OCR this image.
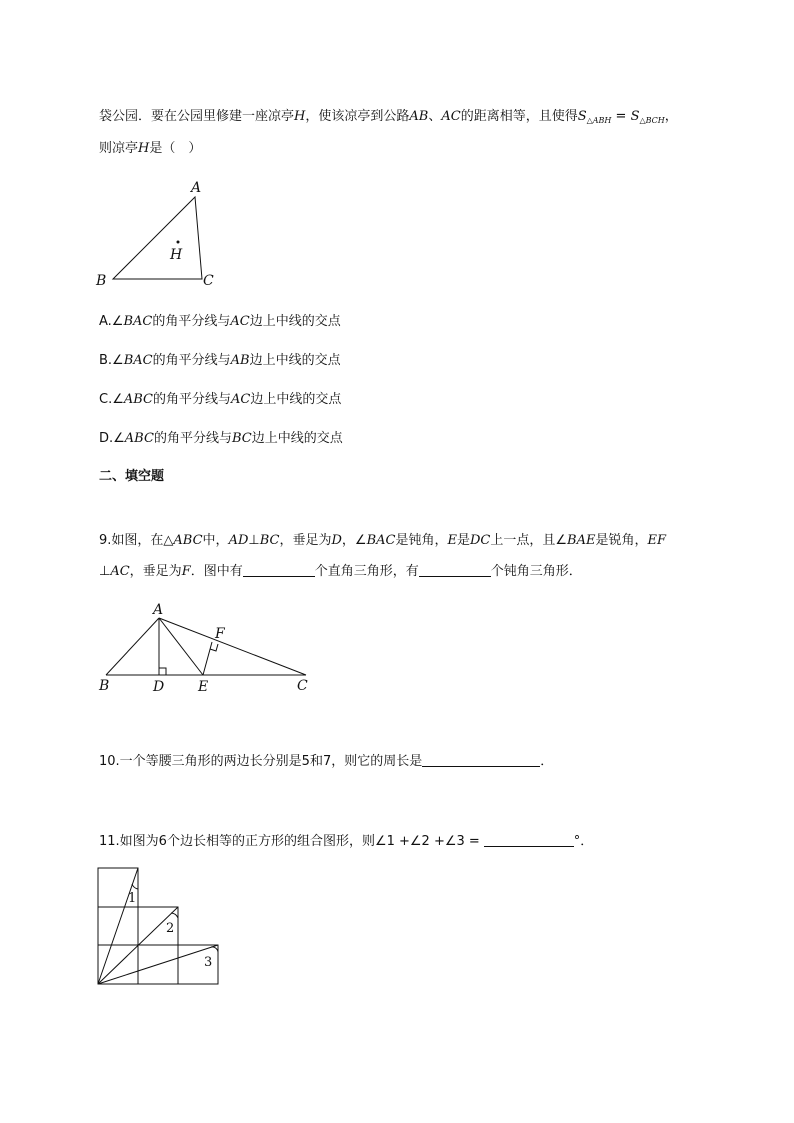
袋公园．要在公园里修建一座凉亭H，使该凉亭到公路AB、AC的距离相等，且使得$S_{\triangle ABH} = S_{\triangle BCH}$，
则凉亭H是（　）
A
B	C
H
A.∠BAC的角平分线与AC边上中线的交点
B.∠BAC的角平分线与AB边上中线的交点
C.∠ABC的角平分线与AC边上中线的交点
D.∠ABC的角平分线与BC边上中线的交点
二、填空题
9.如图，在△ABC中，AD⊥BC，垂足为D，∠BAC是钝角，E是DC上一点，且∠BAE是锐角，EF
⊥AC，垂足为F．图中有	个直角三角形，有	个钝角三角形．
A
B	D E	C
F
10.一个等腰三角形的两边长分别是5和7，则它的周长是	．
11.如图为6个边长相等的正方形的组合图形，则∠1 +∠2 +∠3 =	°．
1
2
3
